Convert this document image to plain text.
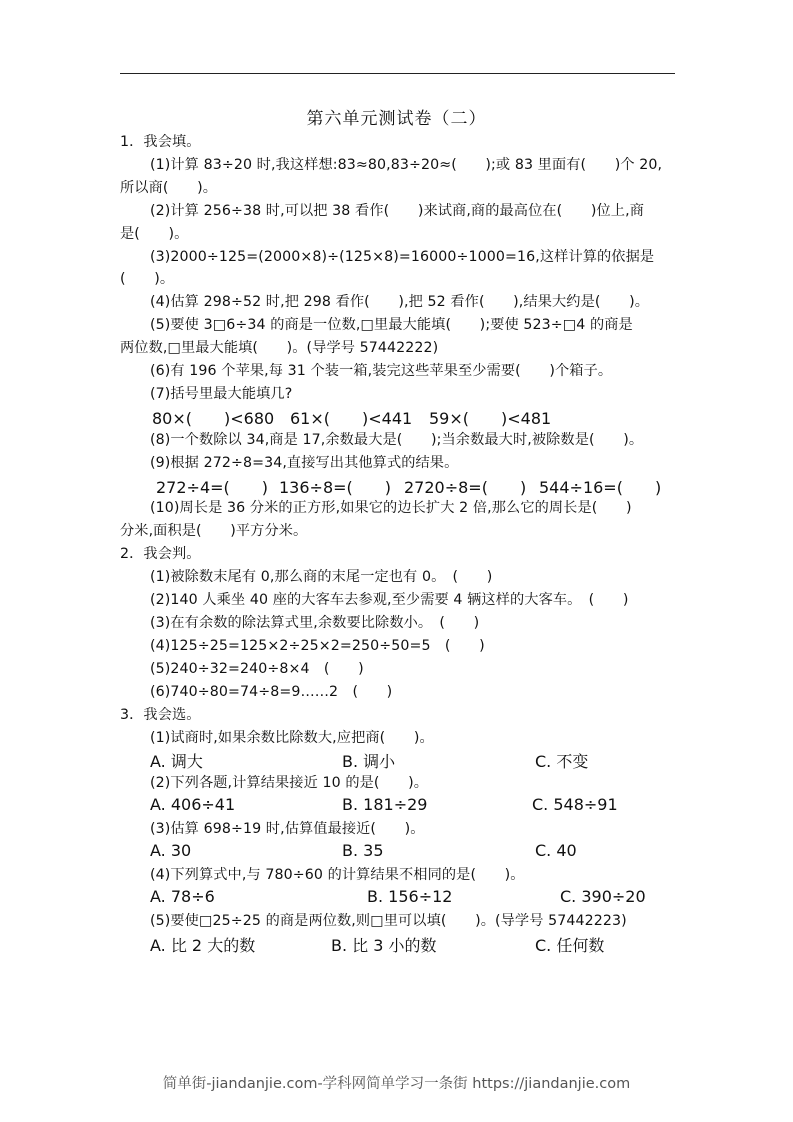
第六单元测试卷（二）
1．我会填。
(1)计算 83÷20 时,我这样想:83≈80,83÷20≈(　　);或 83 里面有(　　)个 20,
所以商(　　)。
(2)计算 256÷38 时,可以把 38 看作(　　)来试商,商的最高位在(　　)位上,商
是(　　)。
(3)2000÷125=(2000×8)÷(125×8)=16000÷1000=16,这样计算的依据是
(　　)。
(4)估算 298÷52 时,把 298 看作(　　),把 52 看作(　　),结果大约是(　　)。
(5)要使 3□6÷34 的商是一位数,□里最大能填(　　);要使 523÷□4 的商是
两位数,□里最大能填(　　)。(导学号 57442222)
(6)有 196 个苹果,每 31 个装一箱,装完这些苹果至少需要(　　)个箱子。
(7)括号里最大能填几?
80×(　　)<680 61×(　　)<441 59×(　　)<481
(8)一个数除以 34,商是 17,余数最大是(　　);当余数最大时,被除数是(　　)。
(9)根据 272÷8=34,直接写出其他算式的结果。
272÷4=(　　) 136÷8=(　　) 2720÷8=(　　) 544÷16=(　　)
(10)周长是 36 分米的正方形,如果它的边长扩大 2 倍,那么它的周长是(　　)
分米,面积是(　　)平方分米。
2．我会判。
(1)被除数末尾有 0,那么商的末尾一定也有 0。　(　　)
(2)140 人乘坐 40 座的大客车去参观,至少需要 4 辆这样的大客车。　(　　)
(3)在有余数的除法算式里,余数要比除数小。　(　　)
(4)125÷25=125×2÷25×2=250÷50=5　(　　)
(5)240÷32=240÷8×4　(　　)
(6)740÷80=74÷8=9……2　(　　)
3．我会选。
(1)试商时,如果余数比除数大,应把商(　　)。
A. 调大	B. 调小	C. 不变
(2)下列各题,计算结果接近 10 的是(　　)。
A. 406÷41	B. 181÷29	C. 548÷91
(3)估算 698÷19 时,估算值最接近(　　)。
A. 30	B. 35	C. 40
(4)下列算式中,与 780÷60 的计算结果不相同的是(　　)。
A. 78÷6	B. 156÷12	C. 390÷20
(5)要使□25÷25 的商是两位数,则□里可以填(　　)。(导学号 57442223)
A. 比 2 大的数	B. 比 3 小的数	C. 任何数
简单街-jiandanjie.com-学科网简单学习一条街 https://jiandanjie.com
